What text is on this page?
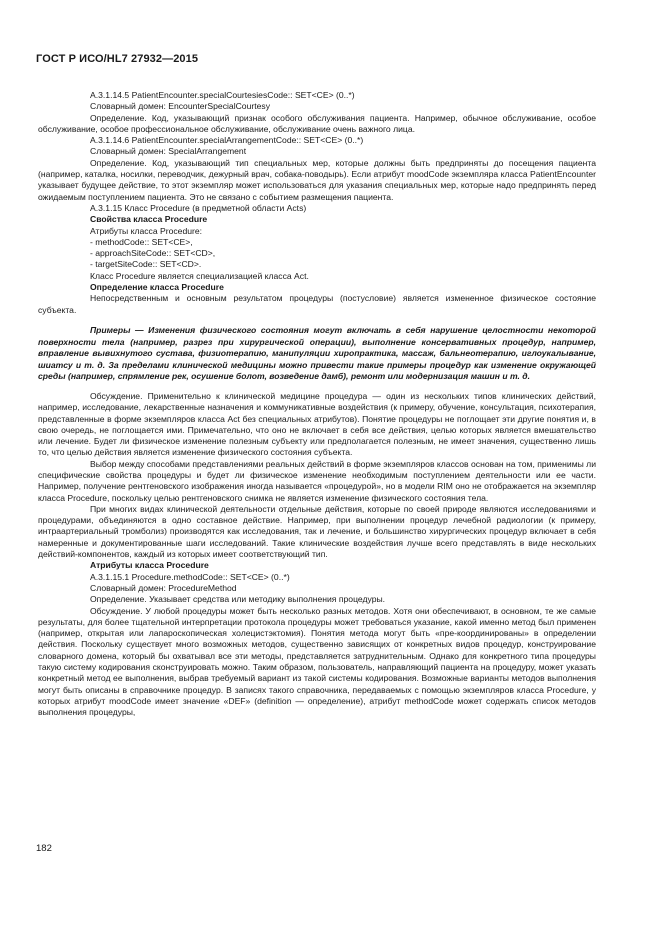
ГОСТ Р ИСО/HL7 27932—2015

A.3.1.14.5 PatientEncounter.specialCourtesiesCode:: SET<CE> (0..*)

Словарный домен: EncounterSpecialCourtesy

Определение. Код, указывающий признак особого обслуживания пациента. Например, обычное обслуживание, особое обслуживание, особое профессиональное обслуживание, обслуживание очень важного лица.

A.3.1.14.6 PatientEncounter.specialArrangementCode:: SET<CE> (0..*)

Словарный домен: SpecialArrangement

Определение. Код, указывающий тип специальных мер, которые должны быть предприняты до посещения пациента (например, каталка, носилки, переводчик, дежурный врач, собака-поводырь). Если атрибут moodCode экземпляра класса PatientEncounter указывает будущее действие, то этот экземпляр может использоваться для указания специальных мер, которые надо предпринять перед ожидаемым поступлением пациента. Это не связано с событием размещения пациента.

A.3.1.15 Класс Procedure (в предметной области Acts)

Свойства класса Procedure

Атрибуты класса Procedure:

- methodCode:: SET<CE>,

- approachSiteCode:: SET<CD>,

- targetSiteCode:: SET<CD>.

Класс Procedure является специализацией класса Act.

Определение класса Procedure

Непосредственным и основным результатом процедуры (постусловие) является измененное физическое состояние субъекта.

Примеры — Изменения физического состояния могут включать в себя нарушение целостности некоторой поверхности тела (например, разрез при хирургической операции), выполнение консервативных процедур, например, вправление вывихнутого сустава, физиотерапию, манипуляции хиропрактика, массаж, бальнеотерапию, иглоукалывание, шиатсу и т. д. За пределами клинической медицины можно привести такие примеры процедур как изменение окружающей среды (например, спрямление рек, осушение болот, возведение дамб), ремонт или модернизация машин и т. д.

Обсуждение. Применительно к клинической медицине процедура — один из нескольких типов клинических действий, например, исследование, лекарственные назначения и коммуникативные воздействия (к примеру, обучение, консультация, психотерапия, представленные в форме экземпляров класса Act без специальных атрибутов). Понятие процедуры не поглощает эти другие понятия и, в свою очередь, не поглощается ими. Примечательно, что оно не включает в себя все действия, целью которых является вмешательство или лечение. Будет ли физическое изменение полезным субъекту или предполагается полезным, не имеет значения, существенно лишь то, что целью действия является изменение физического состояния субъекта.

Выбор между способами представлениями реальных действий в форме экземпляров классов основан на том, применимы ли специфические свойства процедуры и будет ли физическое изменение необходимым поступлением деятельности или ее части. Например, получение рентгеновского изображения иногда называется «процедурой», но в модели RIM оно не отображается на экземпляр класса Procedure, поскольку целью рентгеновского снимка не является изменение физического состояния тела.

При многих видах клинической деятельности отдельные действия, которые по своей природе являются исследованиями и процедурами, объединяются в одно составное действие. Например, при выполнении процедур лечебной радиологии (к примеру, интраартериальный тромболиз) производятся как исследования, так и лечение, и большинство хирургических процедур включает в себя намеренные и документированные шаги исследований. Такие клинические воздействия лучше всего представлять в виде нескольких действий-компонентов, каждый из которых имеет соответствующий тип.

Атрибуты класса Procedure

A.3.1.15.1 Procedure.methodCode:: SET<CE> (0..*)

Словарный домен: ProcedureMethod

Определение. Указывает средства или методику выполнения процедуры.

Обсуждение. У любой процедуры может быть несколько разных методов. Хотя они обеспечивают, в основном, те же самые результаты, для более тщательной интерпретации протокола процедуры может требоваться указание, какой именно метод был применен (например, открытая или лапароскопическая холецистэктомия). Понятия метода могут быть «пре-координированы» в определении действия. Поскольку существует много возможных методов, существенно зависящих от конкретных видов процедур, конструирование словарного домена, который бы охватывал все эти методы, представляется затруднительным. Однако для конкретного типа процедуры такую систему кодирования сконструировать можно. Таким образом, пользователь, направляющий пациента на процедуру, может указать конкретный метод ее выполнения, выбрав требуемый вариант из такой системы кодирования. Возможные варианты методов выполнения могут быть описаны в справочнике процедур. В записях такого справочника, передаваемых с помощью экземпляров класса Procedure, у которых атрибут moodCode имеет значение «DEF» (definition — определение), атрибут methodCode может содержать список методов выполнения процедуры,

182
